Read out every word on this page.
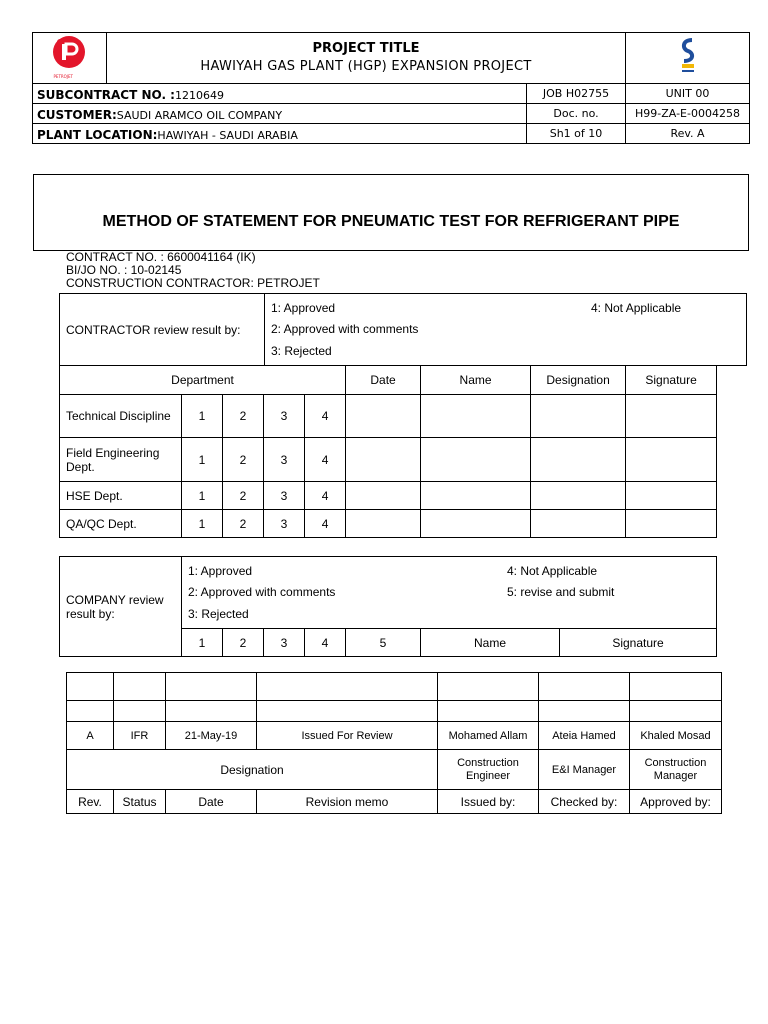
PETROJET	PROJECT TITLE
HAWIYAH GAS PLANT (HGP) EXPANSION PROJECT

SUBCONTRACT NO. :1210649		JOB H02755	UNIT 00
CUSTOMER:SAUDI ARAMCO OIL COMPANY		Doc. no.	H99-ZA-E-0004258
PLANT LOCATION:HAWIYAH - SAUDI ARABIA		Sh1 of 10	Rev. A
METHOD OF STATEMENT FOR PNEUMATIC TEST FOR REFRIGERANT PIPE
CONTRACT NO. : 6600041164 (IK)
BI/JO NO. : 10-02145
CONSTRUCTION CONTRACTOR: PETROJET
CONTRACTOR review result by:	
1: Approved
2: Approved with comments
3: Rejected
4: Not Applicable
Department					Date	Name	Designation	Signature
Technical Discipline	1	2	3	4				
Field Engineering Dept.	1	2	3	4				
HSE Dept.	1	2	3	4				
QA/QC Dept.	1	2	3	4				
COMPANY review result by:	1: Approved
2: Approved with comments
3: Rejected
4: Not Applicable
5: revise and submit						

	1	2	3	4	5	Name	Signature

A	IFR	21-May-19	Issued For Review	Mohamed Allam	Ateia Hamed	Khaled Mosad
Designation				Construction Engineer	E&I Manager	Construction Manager
Rev.	Status	Date	Revision memo	Issued by:	Checked by:	Approved by:
